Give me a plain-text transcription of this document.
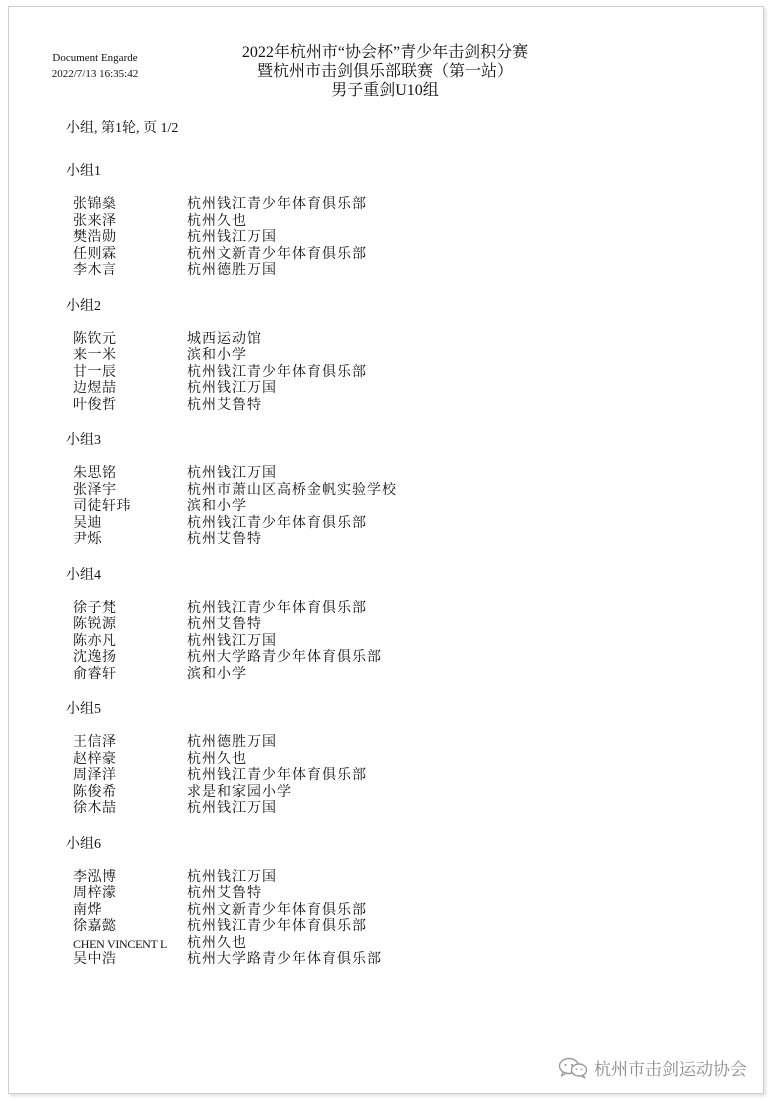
Document Engarde
2022/7/13 16:35:42
2022年杭州市“协会杯”青少年击剑积分赛
暨杭州市击剑俱乐部联赛（第一站）
男子重剑U10组
小组, 第1轮, 页 1/2
小组1
张锦燊	杭州钱江青少年体育俱乐部
张来泽	杭州久也
樊浩勋	杭州钱江万国
任则霖	杭州文新青少年体育俱乐部
李木言	杭州德胜万国
小组2
陈钦元	城西运动馆
来一米	滨和小学
甘一辰	杭州钱江青少年体育俱乐部
边煜喆	杭州钱江万国
叶俊哲	杭州艾鲁特
小组3
朱思铭	杭州钱江万国
张泽宇	杭州市萧山区高桥金帆实验学校
司徒轩玮	滨和小学
吴迪	杭州钱江青少年体育俱乐部
尹烁	杭州艾鲁特
小组4
徐子梵	杭州钱江青少年体育俱乐部
陈锐源	杭州艾鲁特
陈亦凡	杭州钱江万国
沈逸扬	杭州大学路青少年体育俱乐部
俞睿轩	滨和小学
小组5
王信泽	杭州德胜万国
赵梓豪	杭州久也
周泽洋	杭州钱江青少年体育俱乐部
陈俊希	求是和家园小学
徐木喆	杭州钱江万国
小组6
李泓博	杭州钱江万国
周梓濛	杭州艾鲁特
南烨	杭州文新青少年体育俱乐部
徐嘉懿	杭州钱江青少年体育俱乐部
CHEN VINCENT L	杭州久也
吴中浩	杭州大学路青少年体育俱乐部
杭州市击剑运动协会
